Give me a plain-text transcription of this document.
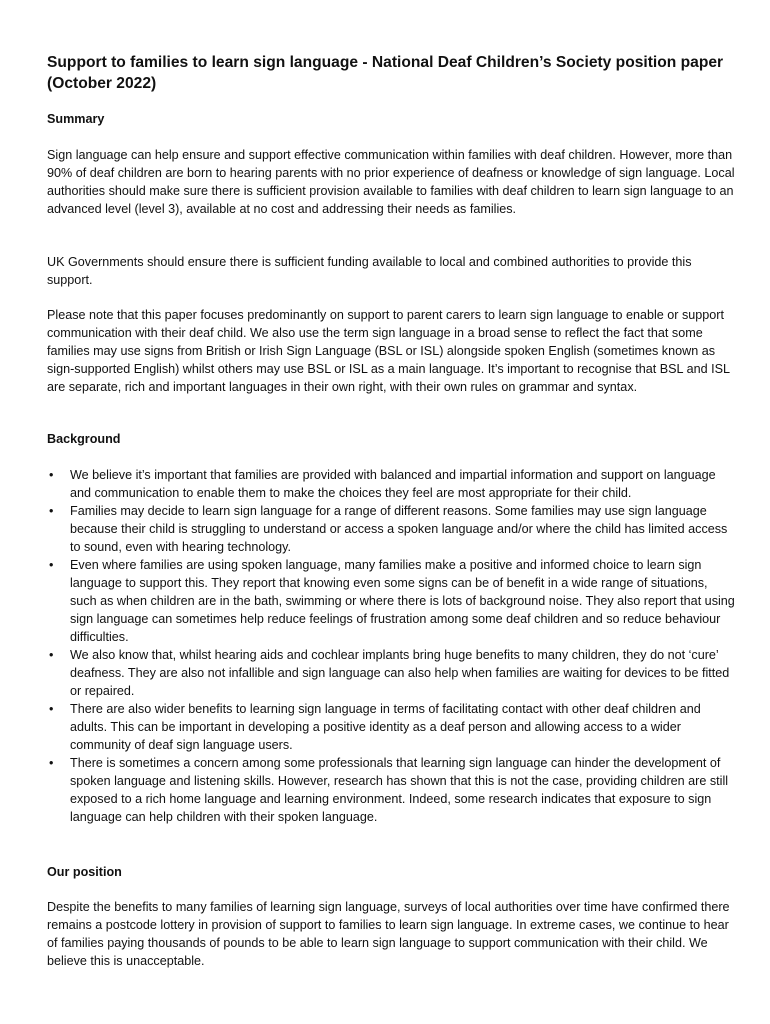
Support to families to learn sign language - National Deaf Children’s Society position paper (October 2022)
Summary

Sign language can help ensure and support effective communication within families with deaf children. However, more than 90% of deaf children are born to hearing parents with no prior experience of deafness or knowledge of sign language. Local authorities should make sure there is sufficient provision available to families with deaf children to learn sign language to an advanced level (level 3), available at no cost and addressing their needs as families.

UK Governments should ensure there is sufficient funding available to local and combined authorities to provide this support.

Please note that this paper focuses predominantly on support to parent carers to learn sign language to enable or support communication with their deaf child. We also use the term sign language in a broad sense to reflect the fact that some families may use signs from British or Irish Sign Language (BSL or ISL) alongside spoken English (sometimes known as sign-supported English) whilst others may use BSL or ISL as a main language. It’s important to recognise that BSL and ISL are separate, rich and important languages in their own right, with their own rules on grammar and syntax.

Background
•	We believe it’s important that families are provided with balanced and impartial information and support on language and communication to enable them to make the choices they feel are most appropriate for their child.
•	Families may decide to learn sign language for a range of different reasons. Some families may use sign language because their child is struggling to understand or access a spoken language and/or where the child has limited access to sound, even with hearing technology.
•	Even where families are using spoken language, many families make a positive and informed choice to learn sign language to support this. They report that knowing even some signs can be of benefit in a wide range of situations, such as when children are in the bath, swimming or where there is lots of background noise. They also report that using sign language can sometimes help reduce feelings of frustration among some deaf children and so reduce behaviour difficulties.
•	We also know that, whilst hearing aids and cochlear implants bring huge benefits to many children, they do not ‘cure’ deafness. They are also not infallible and sign language can also help when families are waiting for devices to be fitted or repaired.
•	There are also wider benefits to learning sign language in terms of facilitating contact with other deaf children and adults. This can be important in developing a positive identity as a deaf person and allowing access to a wider community of deaf sign language users.
•	There is sometimes a concern among some professionals that learning sign language can hinder the development of spoken language and listening skills. However, research has shown that this is not the case, providing children are still exposed to a rich home language and learning environment. Indeed, some research indicates that exposure to sign language can help children with their spoken language.
Our position

Despite the benefits to many families of learning sign language, surveys of local authorities over time have confirmed there remains a postcode lottery in provision of support to families to learn sign language. In extreme cases, we continue to hear of families paying thousands of pounds to be able to learn sign language to support communication with their child. We believe this is unacceptable.
